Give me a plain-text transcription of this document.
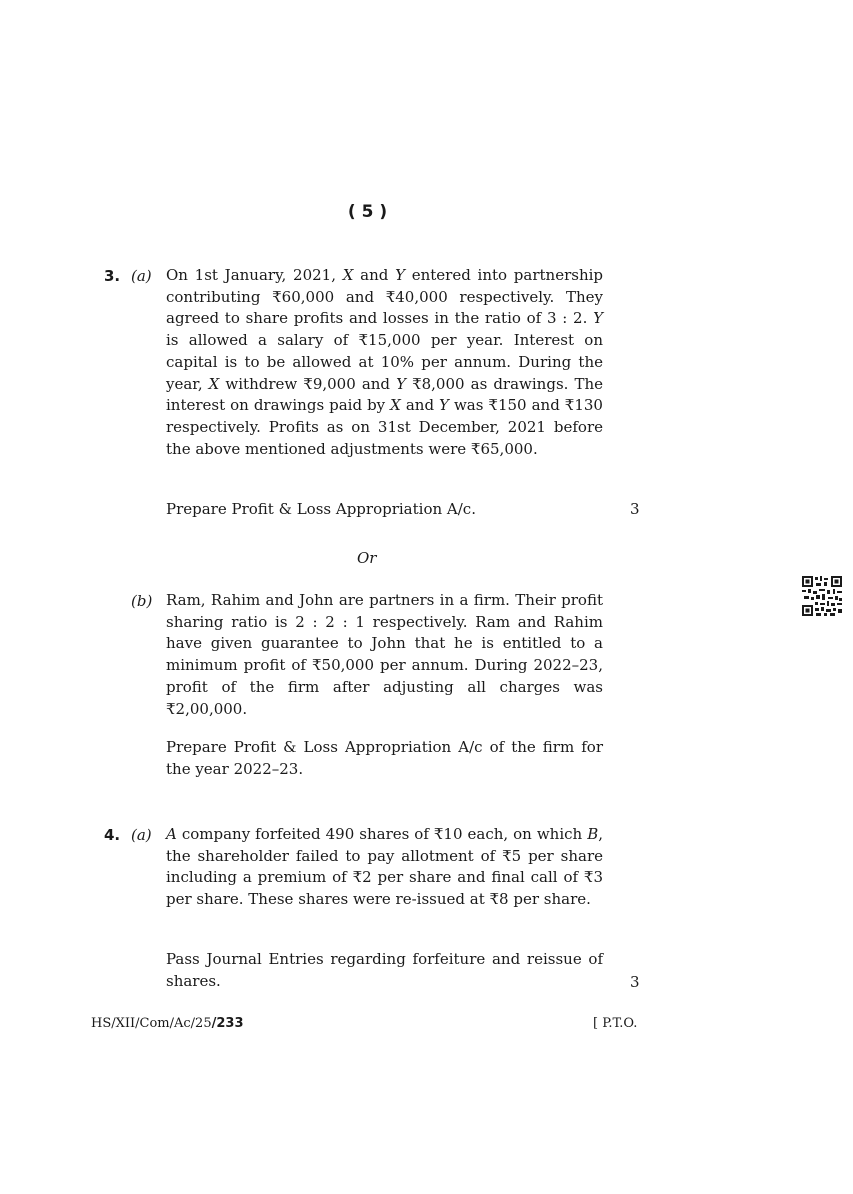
( 5 )
3. (a) On 1st January, 2021, X and Y entered into partnership contributing ₹60,000 and ₹40,000 respectively. They agreed to share profits and losses in the ratio of 3 : 2. Y is allowed a salary of ₹15,000 per year. Interest on capital is to be allowed at 10% per annum. During the year, X withdrew ₹9,000 and Y ₹8,000 as drawings. The interest on drawings paid by X and Y was ₹150 and ₹130 respectively. Profits as on 31st December, 2021 before the above mentioned adjustments were ₹65,000.
Prepare Profit & Loss Appropriation A/c.	3
Or
(b) Ram, Rahim and John are partners in a firm. Their profit sharing ratio is 2 : 2 : 1 respectively. Ram and Rahim have given guarantee to John that he is entitled to a minimum profit of ₹50,000 per annum. During 2022–23, profit of the firm after adjusting all charges was ₹2,00,000.
Prepare Profit & Loss Appropriation A/c of the firm for the year 2022–23.
4. (a) A company forfeited 490 shares of ₹10 each, on which B, the shareholder failed to pay allotment of ₹5 per share including a premium of ₹2 per share and final call of ₹3 per share. These shares were re-issued at ₹8 per share.
Pass Journal Entries regarding forfeiture and reissue of shares.	3
HS/XII/Com/Ac/25/233	[ P.T.O.
